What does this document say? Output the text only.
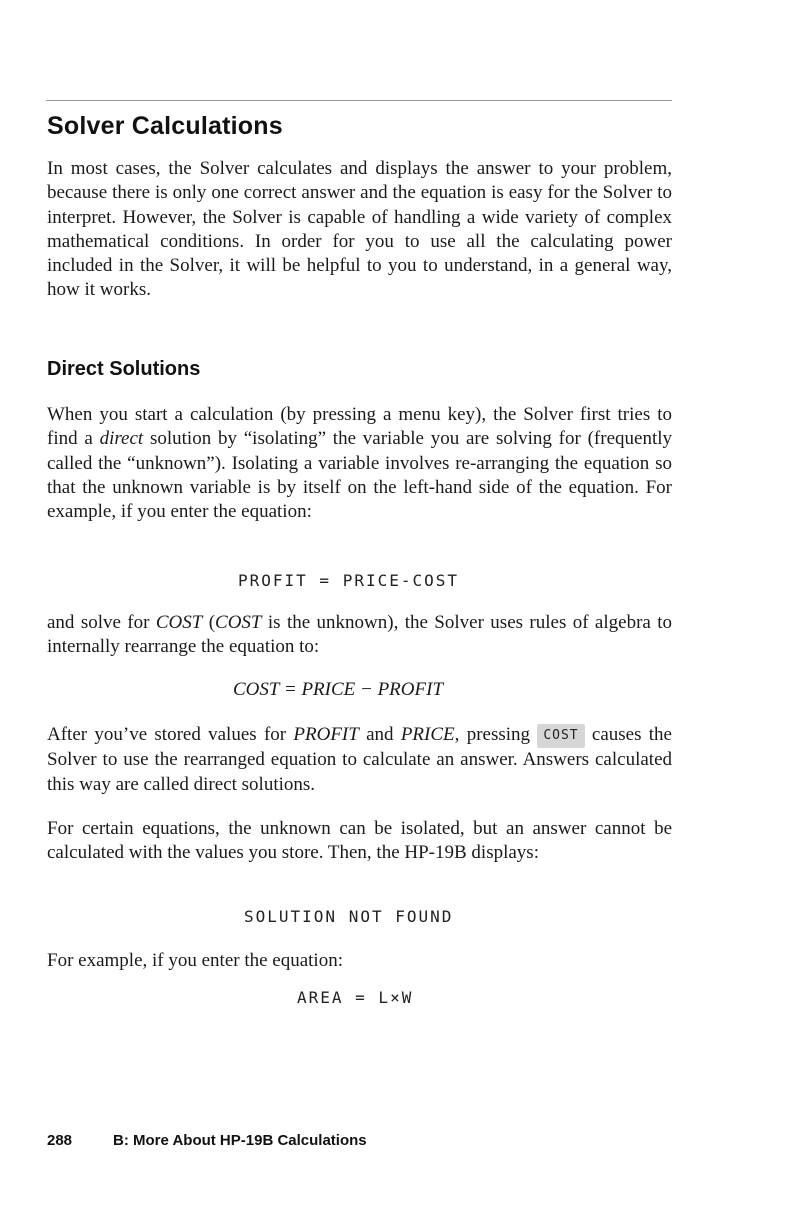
Solver Calculations

In most cases, the Solver calculates and displays the answer to your problem, because there is only one correct answer and the equation is easy for the Solver to interpret. However, the Solver is capable of handling a wide variety of complex mathematical conditions. In order for you to use all the calculating power included in the Solver, it will be helpful to you to understand, in a general way, how it works.

Direct Solutions

When you start a calculation (by pressing a menu key), the Solver first tries to find a direct solution by “isolating” the variable you are solving for (frequently called the “unknown”). Isolating a variable involves re-arranging the equation so that the unknown variable is by itself on the left-hand side of the equation. For example, if you enter the equation:

PROFIT = PRICE-COST

and solve for COST (COST is the unknown), the Solver uses rules of algebra to internally rearrange the equation to:

COST = PRICE − PROFIT

After you’ve stored values for PROFIT and PRICE, pressing COST causes the Solver to use the rearranged equation to calculate an answer. Answers calculated this way are called direct solutions.

For certain equations, the unknown can be isolated, but an answer cannot be calculated with the values you store. Then, the HP-19B displays:

SOLUTION NOT FOUND

For example, if you enter the equation:

AREA = L×W

288	B: More About HP-19B Calculations
